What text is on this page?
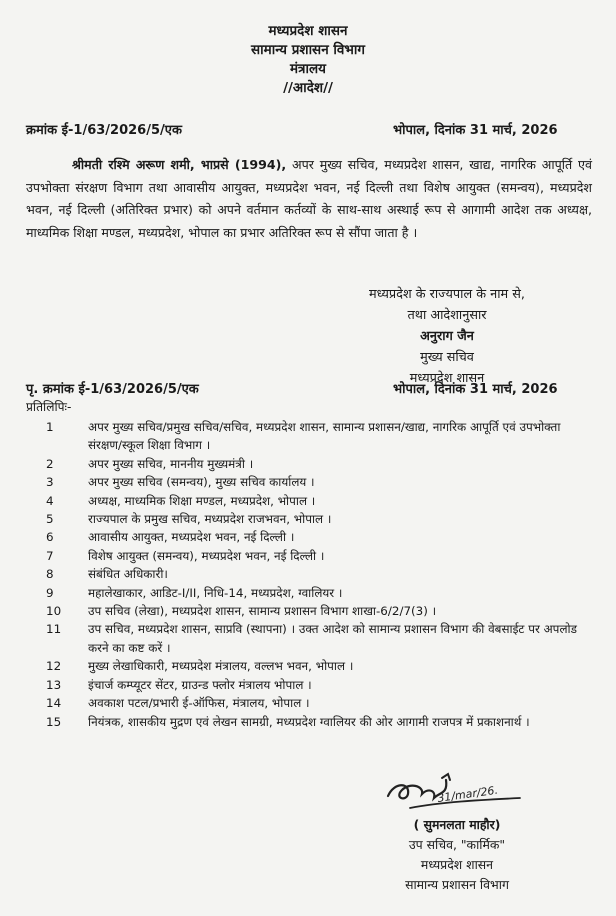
मध्यप्रदेश शासन
सामान्य प्रशासन विभाग
मंत्रालय
//आदेश//
क्रमांक ई-1/63/2026/5/एक	भोपाल, दिनांक 31 मार्च, 2026
श्रीमती रश्मि अरूण शमी, भाप्रसे (1994), अपर मुख्य सचिव, मध्यप्रदेश शासन, खाद्य, नागरिक आपूर्ति एवं उपभोक्ता संरक्षण विभाग तथा आवासीय आयुक्त, मध्यप्रदेश भवन, नई दिल्ली तथा विशेष आयुक्त (समन्वय), मध्यप्रदेश भवन, नई दिल्ली (अतिरिक्त प्रभार) को अपने वर्तमान कर्तव्यों के साथ-साथ अस्थाई रूप से आगामी आदेश तक अध्यक्ष, माध्यमिक शिक्षा मण्डल, मध्यप्रदेश, भोपाल का प्रभार अतिरिक्त रूप से सौंपा जाता है ।
मध्यप्रदेश के राज्यपाल के नाम से,
तथा आदेशानुसार
अनुराग जैन
मुख्य सचिव
मध्यप्रदेश शासन
पृ. क्रमांक ई-1/63/2026/5/एक	भोपाल, दिनांक 31 मार्च, 2026
प्रतिलिपिः-
1	अपर मुख्य सचिव/प्रमुख सचिव/सचिव, मध्यप्रदेश शासन, सामान्य प्रशासन/खाद्य, नागरिक आपूर्ति एवं उपभोक्ता संरक्षण/स्कूल शिक्षा विभाग ।
2	अपर मुख्य सचिव, माननीय मुख्यमंत्री ।
3	अपर मुख्य सचिव (समन्वय), मुख्य सचिव कार्यालय ।
4	अध्यक्ष, माध्यमिक शिक्षा मण्डल, मध्यप्रदेश, भोपाल ।
5	राज्यपाल के प्रमुख सचिव, मध्यप्रदेश राजभवन, भोपाल ।
6	आवासीय आयुक्त, मध्यप्रदेश भवन, नई दिल्ली ।
7	विशेष आयुक्त (समन्वय), मध्यप्रदेश भवन, नई दिल्ली ।
8	संबंधित अधिकारी।
9	महालेखाकार, आडिट-I/II, निधि-14, मध्यप्रदेश, ग्वालियर ।
10	उप सचिव (लेखा), मध्यप्रदेश शासन, सामान्य प्रशासन विभाग शाखा-6/2/7(3) ।
11	उप सचिव, मध्यप्रदेश शासन, साप्रवि (स्थापना) । उक्त आदेश को सामान्य प्रशासन विभाग की वेबसाईट पर अपलोड करने का कष्ट करें ।
12	मुख्य लेखाधिकारी, मध्यप्रदेश मंत्रालय, वल्लभ भवन, भोपाल ।
13	इंचार्ज कम्प्यूटर सेंटर, ग्राउन्ड फ्लोर मंत्रालय भोपाल ।
14	अवकाश पटल/प्रभारी ई-ऑफिस, मंत्रालय, भोपाल ।
15	नियंत्रक, शासकीय मुद्रण एवं लेखन सामग्री, मध्यप्रदेश ग्वालियर की ओर आगामी राजपत्र में प्रकाशनार्थ ।
31/mar/26.
( सुमनलता माहौर)
उप सचिव, "कार्मिक"
मध्यप्रदेश शासन
सामान्य प्रशासन विभाग
